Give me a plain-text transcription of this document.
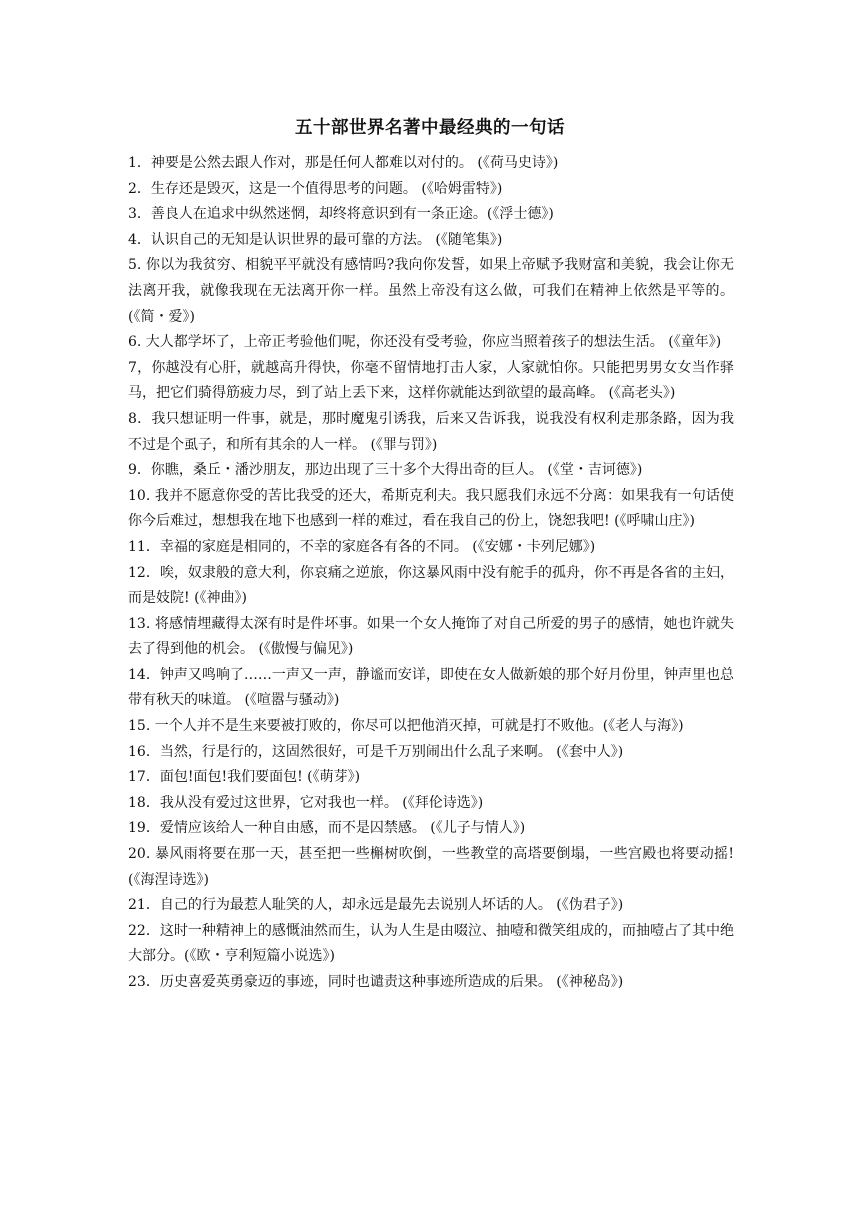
五十部世界名著中最经典的一句话

1．神要是公然去跟人作对，那是任何人都难以对付的。 (《荷马史诗》)

2．生存还是毁灭，这是一个值得思考的问题。 (《哈姆雷特》)

3．善良人在追求中纵然迷惘，却终将意识到有一条正途。(《浮士德》)

4．认识自己的无知是认识世界的最可靠的方法。 (《随笔集》)

5. 你以为我贫穷、相貌平平就没有感情吗?我向你发誓，如果上帝赋予我财富和美貌，我会让你无法离开我，就像我现在无法离开你一样。虽然上帝没有这么做，可我们在精神上依然是平等的。(《简・爱》)

6. 大人都学坏了，上帝正考验他们呢，你还没有受考验，你应当照着孩子的想法生活。 (《童年》)

7，你越没有心肝，就越高升得快，你毫不留情地打击人家，人家就怕你。只能把男男女女当作驿马，把它们骑得筋疲力尽，到了站上丢下来，这样你就能达到欲望的最高峰。 (《高老头》)

8．我只想证明一件事，就是，那时魔鬼引诱我，后来又告诉我，说我没有权利走那条路，因为我不过是个虱子，和所有其余的人一样。 (《罪与罚》)

9．你瞧，桑丘・潘沙朋友，那边出现了三十多个大得出奇的巨人。 (《堂・吉诃德》)

10. 我并不愿意你受的苦比我受的还大，希斯克利夫。我只愿我们永远不分离：如果我有一句话使你今后难过，想想我在地下也感到一样的难过，看在我自己的份上，饶恕我吧! (《呼啸山庄》)

11．幸福的家庭是相同的，不幸的家庭各有各的不同。 (《安娜・卡列尼娜》)

12．唉，奴隶般的意大利，你哀痛之逆旅，你这暴风雨中没有舵手的孤舟，你不再是各省的主妇，而是妓院! (《神曲》)

13. 将感情埋藏得太深有时是件坏事。如果一个女人掩饰了对自己所爱的男子的感情，她也许就失去了得到他的机会。 (《傲慢与偏见》)

14．钟声又鸣响了……一声又一声，静谧而安详，即使在女人做新娘的那个好月份里，钟声里也总带有秋天的味道。 (《喧嚣与骚动》)

15. 一个人并不是生来要被打败的，你尽可以把他消灭掉，可就是打不败他。(《老人与海》)

16．当然，行是行的，这固然很好，可是千万别闹出什么乱子来啊。 (《套中人》)

17．面包!面包!我们要面包! (《萌芽》)

18．我从没有爱过这世界，它对我也一样。 (《拜伦诗选》)

19．爱情应该给人一种自由感，而不是囚禁感。 (《儿子与情人》)

20. 暴风雨将要在那一天，甚至把一些槲树吹倒，一些教堂的高塔要倒塌，一些宫殿也将要动摇! (《海涅诗选》)

21．自己的行为最惹人耻笑的人，却永远是最先去说别人坏话的人。 (《伪君子》)

22．这时一种精神上的感慨油然而生，认为人生是由啜泣、抽噎和微笑组成的，而抽噎占了其中绝大部分。(《欧・亨利短篇小说选》)

23．历史喜爱英勇豪迈的事迹，同时也谴责这种事迹所造成的后果。 (《神秘岛》)
